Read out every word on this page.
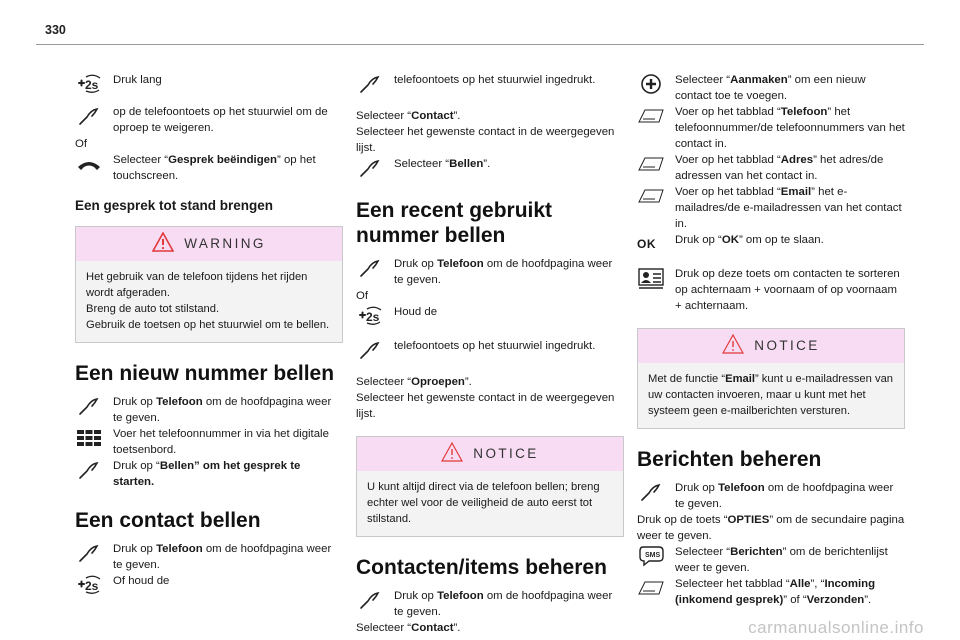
330
Druk lang
op de telefoontoets op het stuurwiel om de oproep te weigeren.

Of

Selecteer “Gesprek beëindigen” op het touchscreen.
Een gesprek tot stand brengen
WARNING
Het gebruik van de telefoon tijdens het rijden wordt afgeraden.
Breng de auto tot stilstand.
Gebruik de toetsen op het stuurwiel om te bellen.
Een nieuw nummer bellen
Druk op Telefoon om de hoofdpagina weer te geven.
Voer het telefoonnummer in via het digitale toetsenbord.
Druk op “Bellen” om het gesprek te starten.
Een contact bellen
Druk op Telefoon om de hoofdpagina weer te geven.
Of houd de
telefoontoets op het stuurwiel ingedrukt.

Selecteer “Contact”.

Selecteer het gewenste contact in de weergegeven lijst.

Selecteer “Bellen”.
Een recent gebruikt nummer bellen
Druk op Telefoon om de hoofdpagina weer te geven.

Of

Houd de
telefoontoets op het stuurwiel ingedrukt.

Selecteer “Oproepen”.

Selecteer het gewenste contact in de weergegeven lijst.

NOTICE
U kunt altijd direct via de telefoon bellen; breng echter wel voor de veiligheid de auto eerst tot stilstand.
Contacten/items beheren
Druk op Telefoon om de hoofdpagina weer te geven.

Selecteer “Contact”.

Selecteer “Aanmaken” om een nieuw contact toe te voegen.
Voer op het tabblad “Telefoon” het telefoonnummer/de telefoonnummers van het contact in.
Voer op het tabblad “Adres” het adres/de adressen van het contact in.
Voer op het tabblad “Email” het e-mailadres/de e-mailadressen van het contact in.
OK	Druk op “OK” om op te slaan.
Druk op deze toets om contacten te sorteren op achternaam + voornaam of op voornaam + achternaam.
NOTICE
Met de functie “Email” kunt u e-mailadressen van uw contacten invoeren, maar u kunt met het systeem geen e-mailberichten versturen.
Berichten beheren
Druk op Telefoon om de hoofdpagina weer te geven.

Druk op de toets “OPTIES” om de secundaire pagina weer te geven.

SMS Selecteer “Berichten” om de berichtenlijst weer te geven.
Selecteer het tabblad “Alle”, “Incoming (inkomend gesprek)” of “Verzonden”.
carmanualsonline.info
